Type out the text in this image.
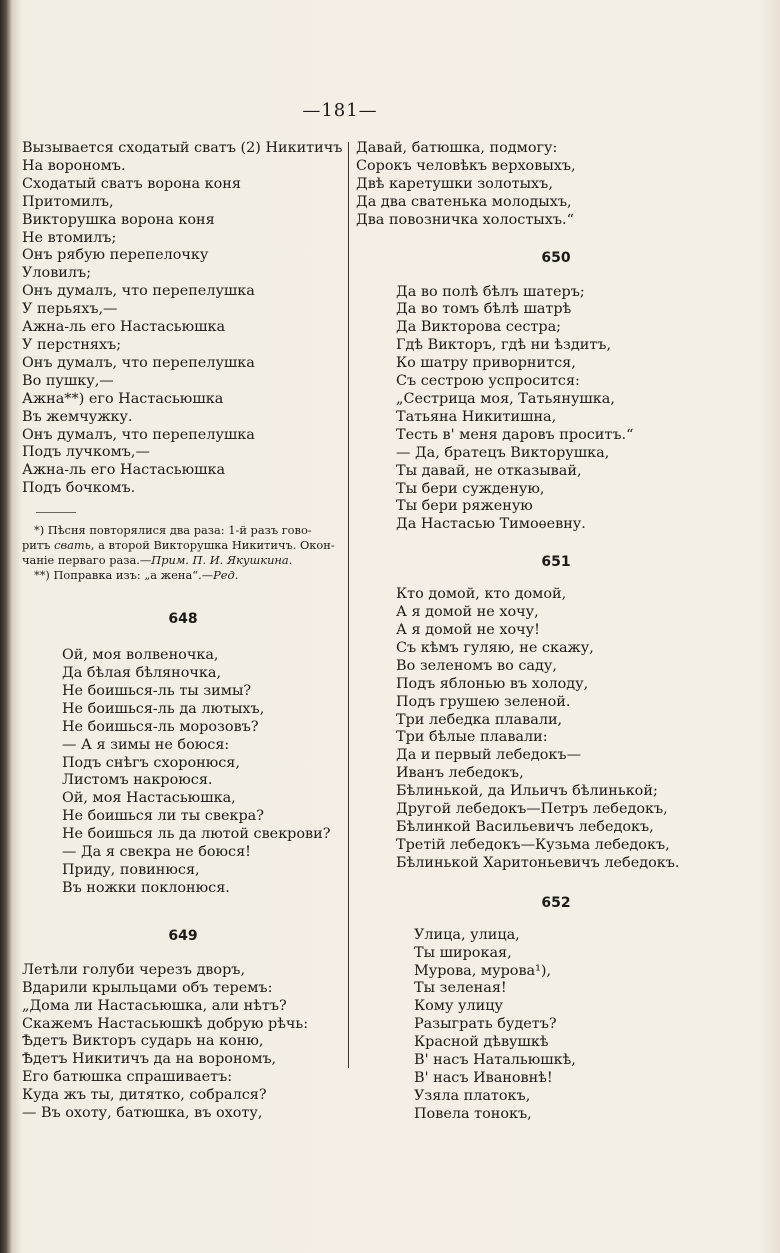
—181—
Вызывается сходатый сватъ (2) Никитичъ
На ворономъ.
Сходатый сватъ ворона коня
Притомилъ,
Викторушка ворона коня
Не втомилъ;
Онъ рябую перепелочку
Уловилъ;
Онъ думалъ, что перепелушка
У перьяхъ,—
Ажна-ль его Настасьюшка
У перстняхъ;
Онъ думалъ, что перепелушка
Во пушку,—
Ажна**) его Настасьюшка
Въ жемчужку.
Онъ думалъ, что перепелушка
Подъ лучкомъ,—
Ажна-ль его Настасьюшка
Подъ бочкомъ.
*) Пѣсня повторялися два раза: 1-й разъ гово-
ритъ свать, а второй Викторушка Никитичъ. Окон-
чаніе перваго раза.—Прим. П. И. Якушкина.
**) Поправка изъ: „а жена“.—Ред.
648
Ой, моя волвеночка,
Да бѣлая бѣляночка,
Не боишься-ль ты зимы?
Не боишься-ль да лютыхъ,
Не боишься-ль морозовъ?
— А я зимы не боюся:
Подъ снѣгъ схоронюся,
Листомъ накроюся.
Ой, моя Настасьюшка,
Не боишься ли ты свекра?
Не боишься ль да лютой свекрови?
— Да я свекра не боюся!
Приду, повинюся,
Въ ножки поклонюся.
649
Летѣли голуби черезъ дворъ,
Вдарили крыльцами объ теремъ:
„Дома ли Настасьюшка, али нѣтъ?
Скажемъ Настасьюшкѣ добрую рѣчь:
Ѣдетъ Викторъ сударь на коню,
Ѣдетъ Никитичъ да на ворономъ,
Его батюшка спрашиваетъ:
Куда жъ ты, дитятко, собрался?
— Въ охоту, батюшка, въ охоту,
Давай, батюшка, подмогу:
Сорокъ человѣкъ верховыхъ,
Двѣ каретушки золотыхъ,
Да два сватенька молодыхъ,
Два повозничка холостыхъ.“
650
Да во полѣ бѣлъ шатеръ;
Да во томъ бѣлѣ шатрѣ
Да Викторова сестра;
Гдѣ Викторъ, гдѣ ни ѣздитъ,
Ко шатру приворнится,
Съ сестрою успросится:
„Сестрица моя, Татьянушка,
Татьяна Никитишна,
Тесть в' меня даровъ проситъ.“
— Да, братецъ Викторушка,
Ты давай, не отказывай,
Ты бери сужденую,
Ты бери ряженую
Да Настасью Тимоѳевну.
651
Кто домой, кто домой,
А я домой не хочу,
А я домой не хочу!
Съ кѣмъ гуляю, не скажу,
Во зеленомъ во саду,
Подъ яблонью въ холоду,
Подъ грушею зеленой.
Три лебедка плавали,
Три бѣлые плавали:
Да и первый лебедокъ—
Иванъ лебедокъ,
Бѣлинькой, да Ильичъ бѣлинькой;
Другой лебедокъ—Петръ лебедокъ,
Бѣлинкой Васильевичъ лебедокъ,
Третій лебедокъ—Кузьма лебедокъ,
Бѣлинькой Харитоньевичъ лебедокъ.
652
Улица, улица,
Ты широкая,
Мурова, мурова¹),
Ты зеленая!
Кому улицу
Разыграть будетъ?
Красной дѣвушкѣ
В' насъ Натальюшкѣ,
В' насъ Ивановнѣ!
Узяла платокъ,
Повела тонокъ,
